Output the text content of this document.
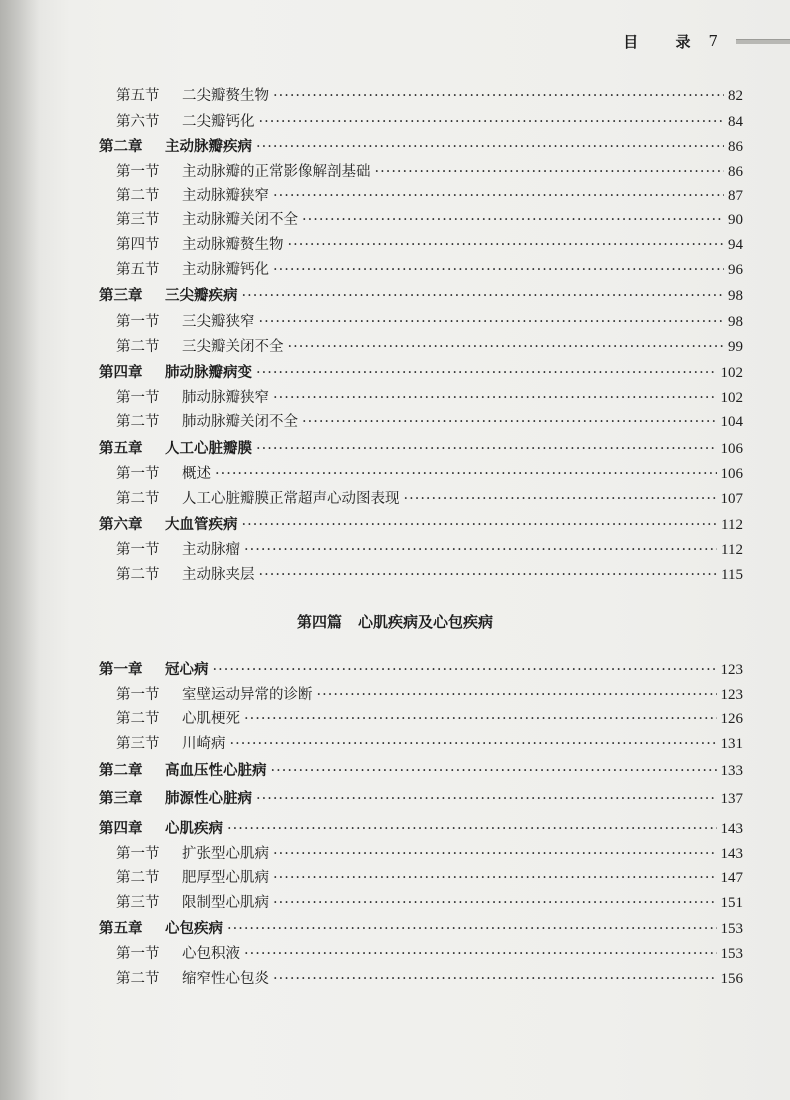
目 录 7
第四篇 心肌疾病及心包疾病
第五节	二尖瓣赘生物 ·····	82
第六节	二尖瓣钙化 ·····	84
第二章	主动脉瓣疾病 ·····	86
第一节	主动脉瓣的正常影像解剖基础 ·····	86
第二节	主动脉瓣狭窄 ·····	87
第三节	主动脉瓣关闭不全 ·····	90
第四节	主动脉瓣赘生物 ·····	94
第五节	主动脉瓣钙化 ·····	96
第三章	三尖瓣疾病 ·····	98
第一节	三尖瓣狭窄 ·····	98
第二节	三尖瓣关闭不全 ·····	99
第四章	肺动脉瓣病变 ·····	102
第一节	肺动脉瓣狭窄 ·····	102
第二节	肺动脉瓣关闭不全 ·····	104
第五章	人工心脏瓣膜 ·····	106
第一节	概述 ·····	106
第二节	人工心脏瓣膜正常超声心动图表现 ·····	107
第六章	大血管疾病 ·····	112
第一节	主动脉瘤 ·····	112
第二节	主动脉夹层 ·····	115
第一章	冠心病 ·····	123
第一节	室壁运动异常的诊断 ·····	123
第二节	心肌梗死 ·····	126
第三节	川崎病 ·····	131
第二章	高血压性心脏病 ·····	133
第三章	肺源性心脏病 ·····	137
第四章	心肌疾病 ·····	143
第一节	扩张型心肌病 ·····	143
第二节	肥厚型心肌病 ·····	147
第三节	限制型心肌病 ·····	151
第五章	心包疾病 ·····	153
第一节	心包积液 ·····	153
第二节	缩窄性心包炎 ·····	156
